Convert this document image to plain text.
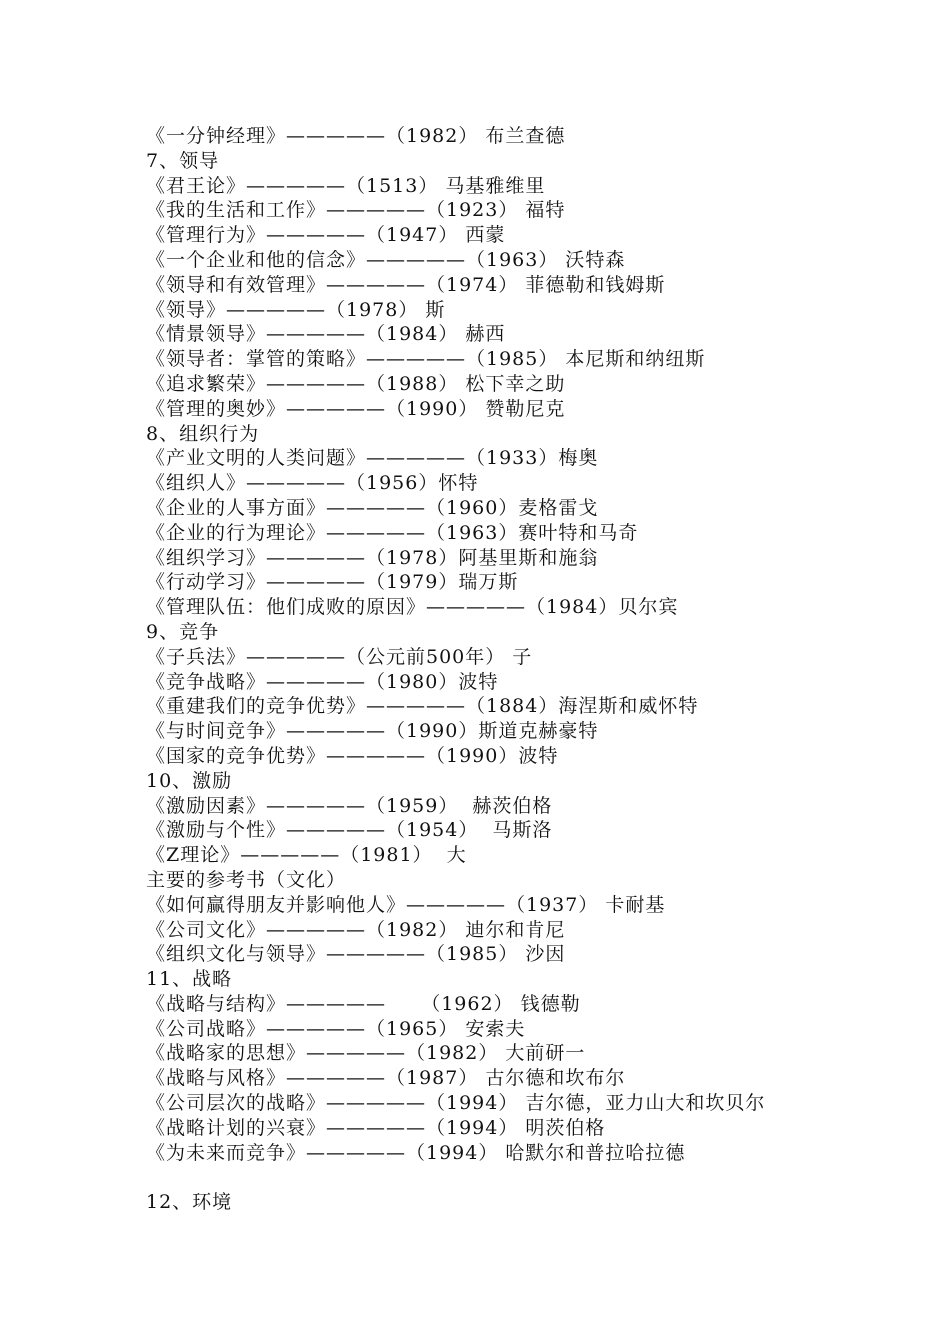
《一分钟经理》—————（1982） 布兰查德
7、领导
《君王论》—————（1513） 马基雅维里
《我的生活和工作》—————（1923） 福特
《管理行为》—————（1947） 西蒙
《一个企业和他的信念》—————（1963） 沃特森
《领导和有效管理》—————（1974） 菲德勒和钱姆斯
《领导》—————（1978） 斯
《情景领导》—————（1984） 赫西
《领导者：掌管的策略》—————（1985） 本尼斯和纳纽斯
《追求繁荣》—————（1988） 松下幸之助
《管理的奥妙》—————（1990） 赞勒尼克
8、组织行为
《产业文明的人类问题》—————（1933）梅奥
《组织人》—————（1956）怀特
《企业的人事方面》—————（1960）麦格雷戈
《企业的行为理论》—————（1963）赛叶特和马奇
《组织学习》—————（1978）阿基里斯和施翁
《行动学习》—————（1979）瑞万斯
《管理队伍：他们成败的原因》—————（1984）贝尔宾
9、竞争
《子兵法》—————（公元前500年） 子
《竞争战略》—————（1980）波特
《重建我们的竞争优势》—————（1884）海涅斯和威怀特
《与时间竞争》—————（1990）斯道克赫豪特
《国家的竞争优势》—————（1990）波特
10、激励
《激励因素》—————（1959）  赫茨伯格
《激励与个性》—————（1954）  马斯洛
《Z理论》—————（1981）  大
主要的参考书（文化）
《如何赢得朋友并影响他人》—————（1937） 卡耐基
《公司文化》—————（1982） 迪尔和肯尼
《组织文化与领导》—————（1985） 沙因
11、战略
《战略与结构》—————     （1962） 钱德勒
《公司战略》—————（1965） 安索夫
《战略家的思想》—————（1982） 大前研一
《战略与风格》—————（1987） 古尔德和坎布尔
《公司层次的战略》—————（1994） 吉尔德，亚力山大和坎贝尔
《战略计划的兴衰》—————（1994） 明茨伯格
《为未来而竞争》—————（1994） 哈默尔和普拉哈拉德
12、环境
